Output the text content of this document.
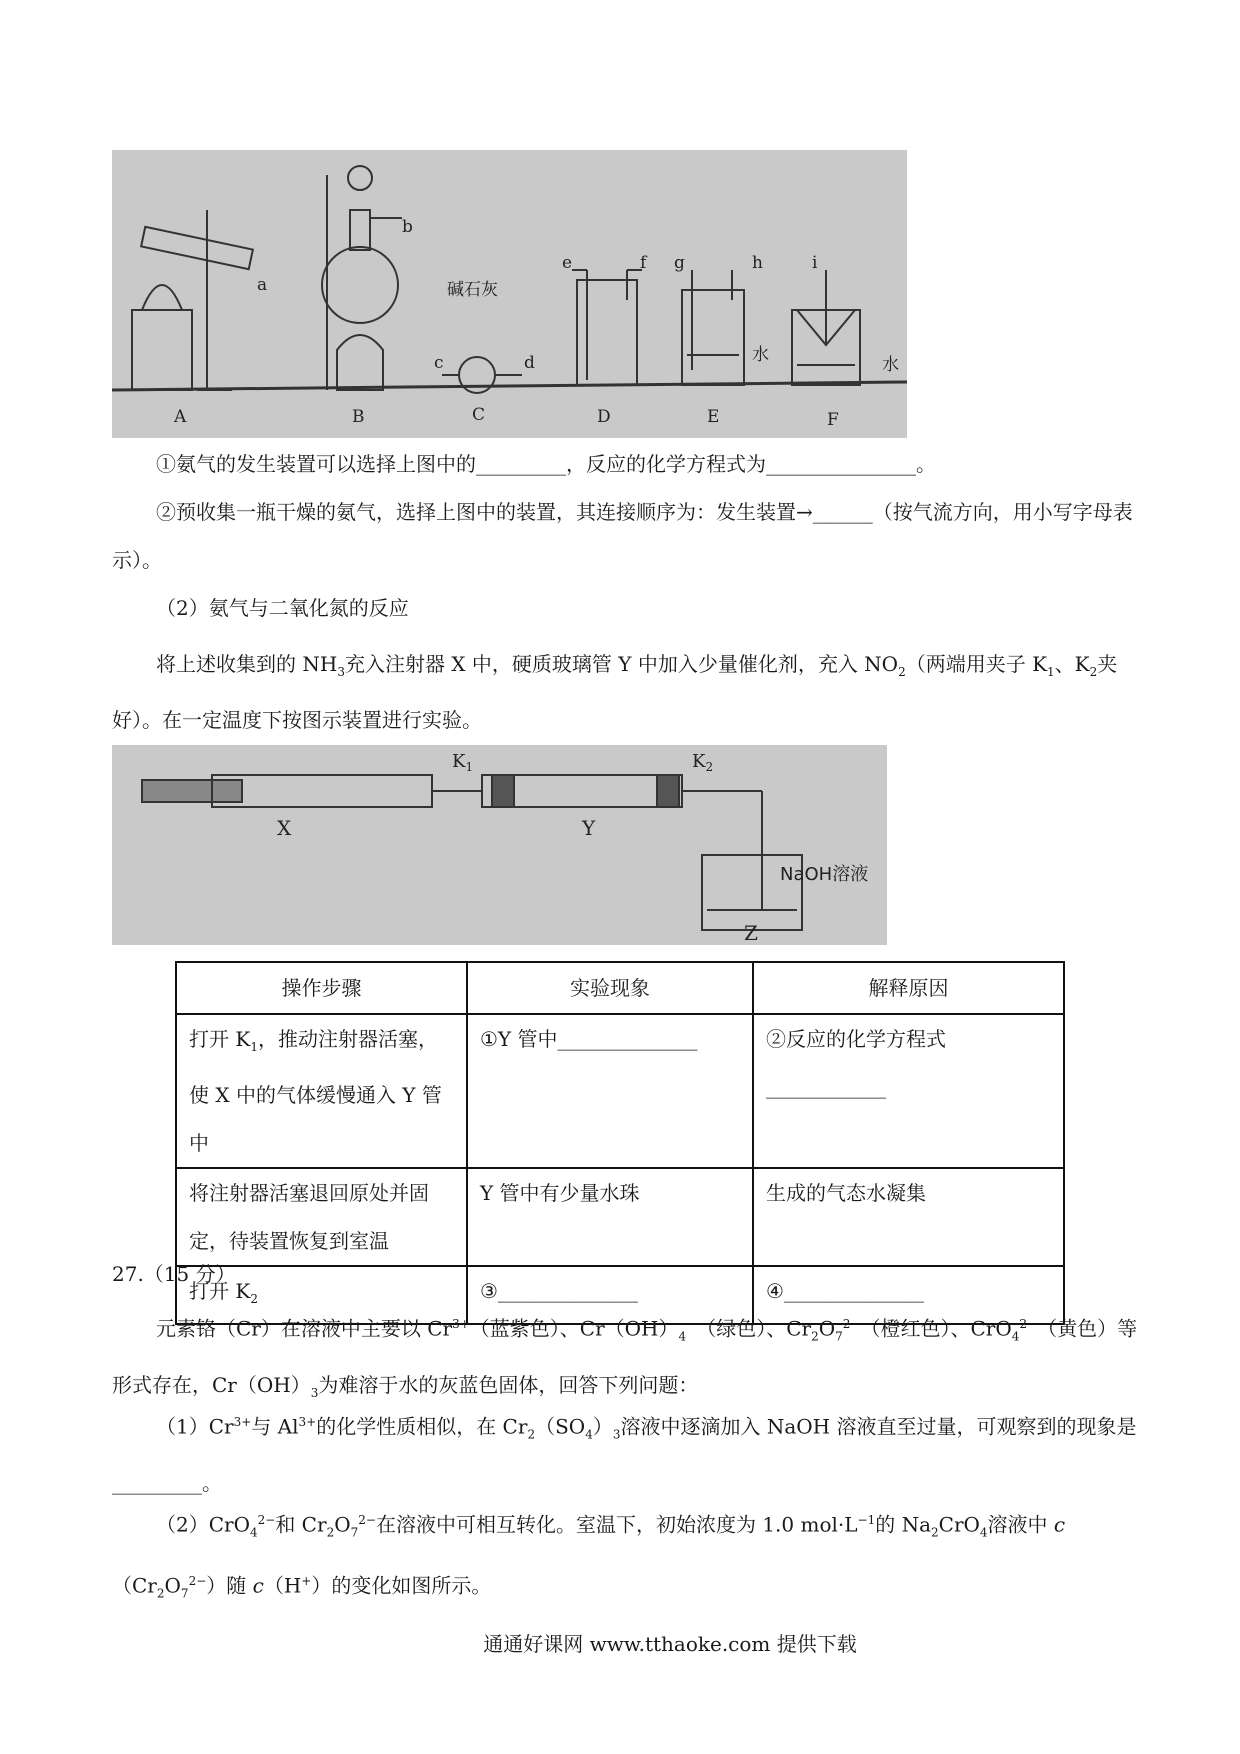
A	B	C	D	E	F
a
b
c	d
e	f g	h	i
水	水
碱石灰
①氨气的发生装置可以选择上图中的_________，反应的化学方程式为_______________。
②预收集一瓶干燥的氨气，选择上图中的装置，其连接顺序为：发生装置→______（按气流方向，用小写字母表示）。
（2）氨气与二氧化氮的反应
将上述收集到的 $NH_3$充入注射器 X 中，硬质玻璃管 Y 中加入少量催化剂，充入 $NO_2$（两端用夹子 $K_1$、$K_2$夹好）。在一定温度下按图示装置进行实验。
X	Y
Z
$K_1$	$K_2$
NaOH溶液
操作步骤	实验现象	解释原因
打开 $K_1$，推动注射器活塞，使 X 中的气体缓慢通入 Y 管中	①Y 管中______________	②反应的化学方程式
____________

将注射器活塞退回原处并固定，待装置恢复到室温	Y 管中有少量水珠	生成的气态水凝集
打开 $K_2$	③______________	④______________
27.（15 分）
元素铬（Cr）在溶液中主要以 $Cr^{3+}$（蓝紫色）、$Cr(OH)_4^-$（绿色）、$Cr_2O_7^{2-}$（橙红色）、CrO$_4^{2-}$（黄色）等形式存在，$Cr(OH)_3$为难溶于水的灰蓝色固体，回答下列问题：
$(1)Cr^{3+}$与 $Al^{3+}$的化学性质相似，在 $Cr_2(SO_4)_3$溶液中逐滴加入 NaOH 溶液直至过量，可观察到的现象是_________。
（2）CrO$_4^{2-}$和 $Cr_2O_7^{2-}$在溶液中可相互转化。室温下，初始浓度为 1.0 $mol\cdot L^{-1}$的 $Na_2CrO_4$溶液中 $c(Cr_2O_7^{2-})$随 c（H+）的变化如图所示。
通通好课网 www.tthaoke.com 提供下载
